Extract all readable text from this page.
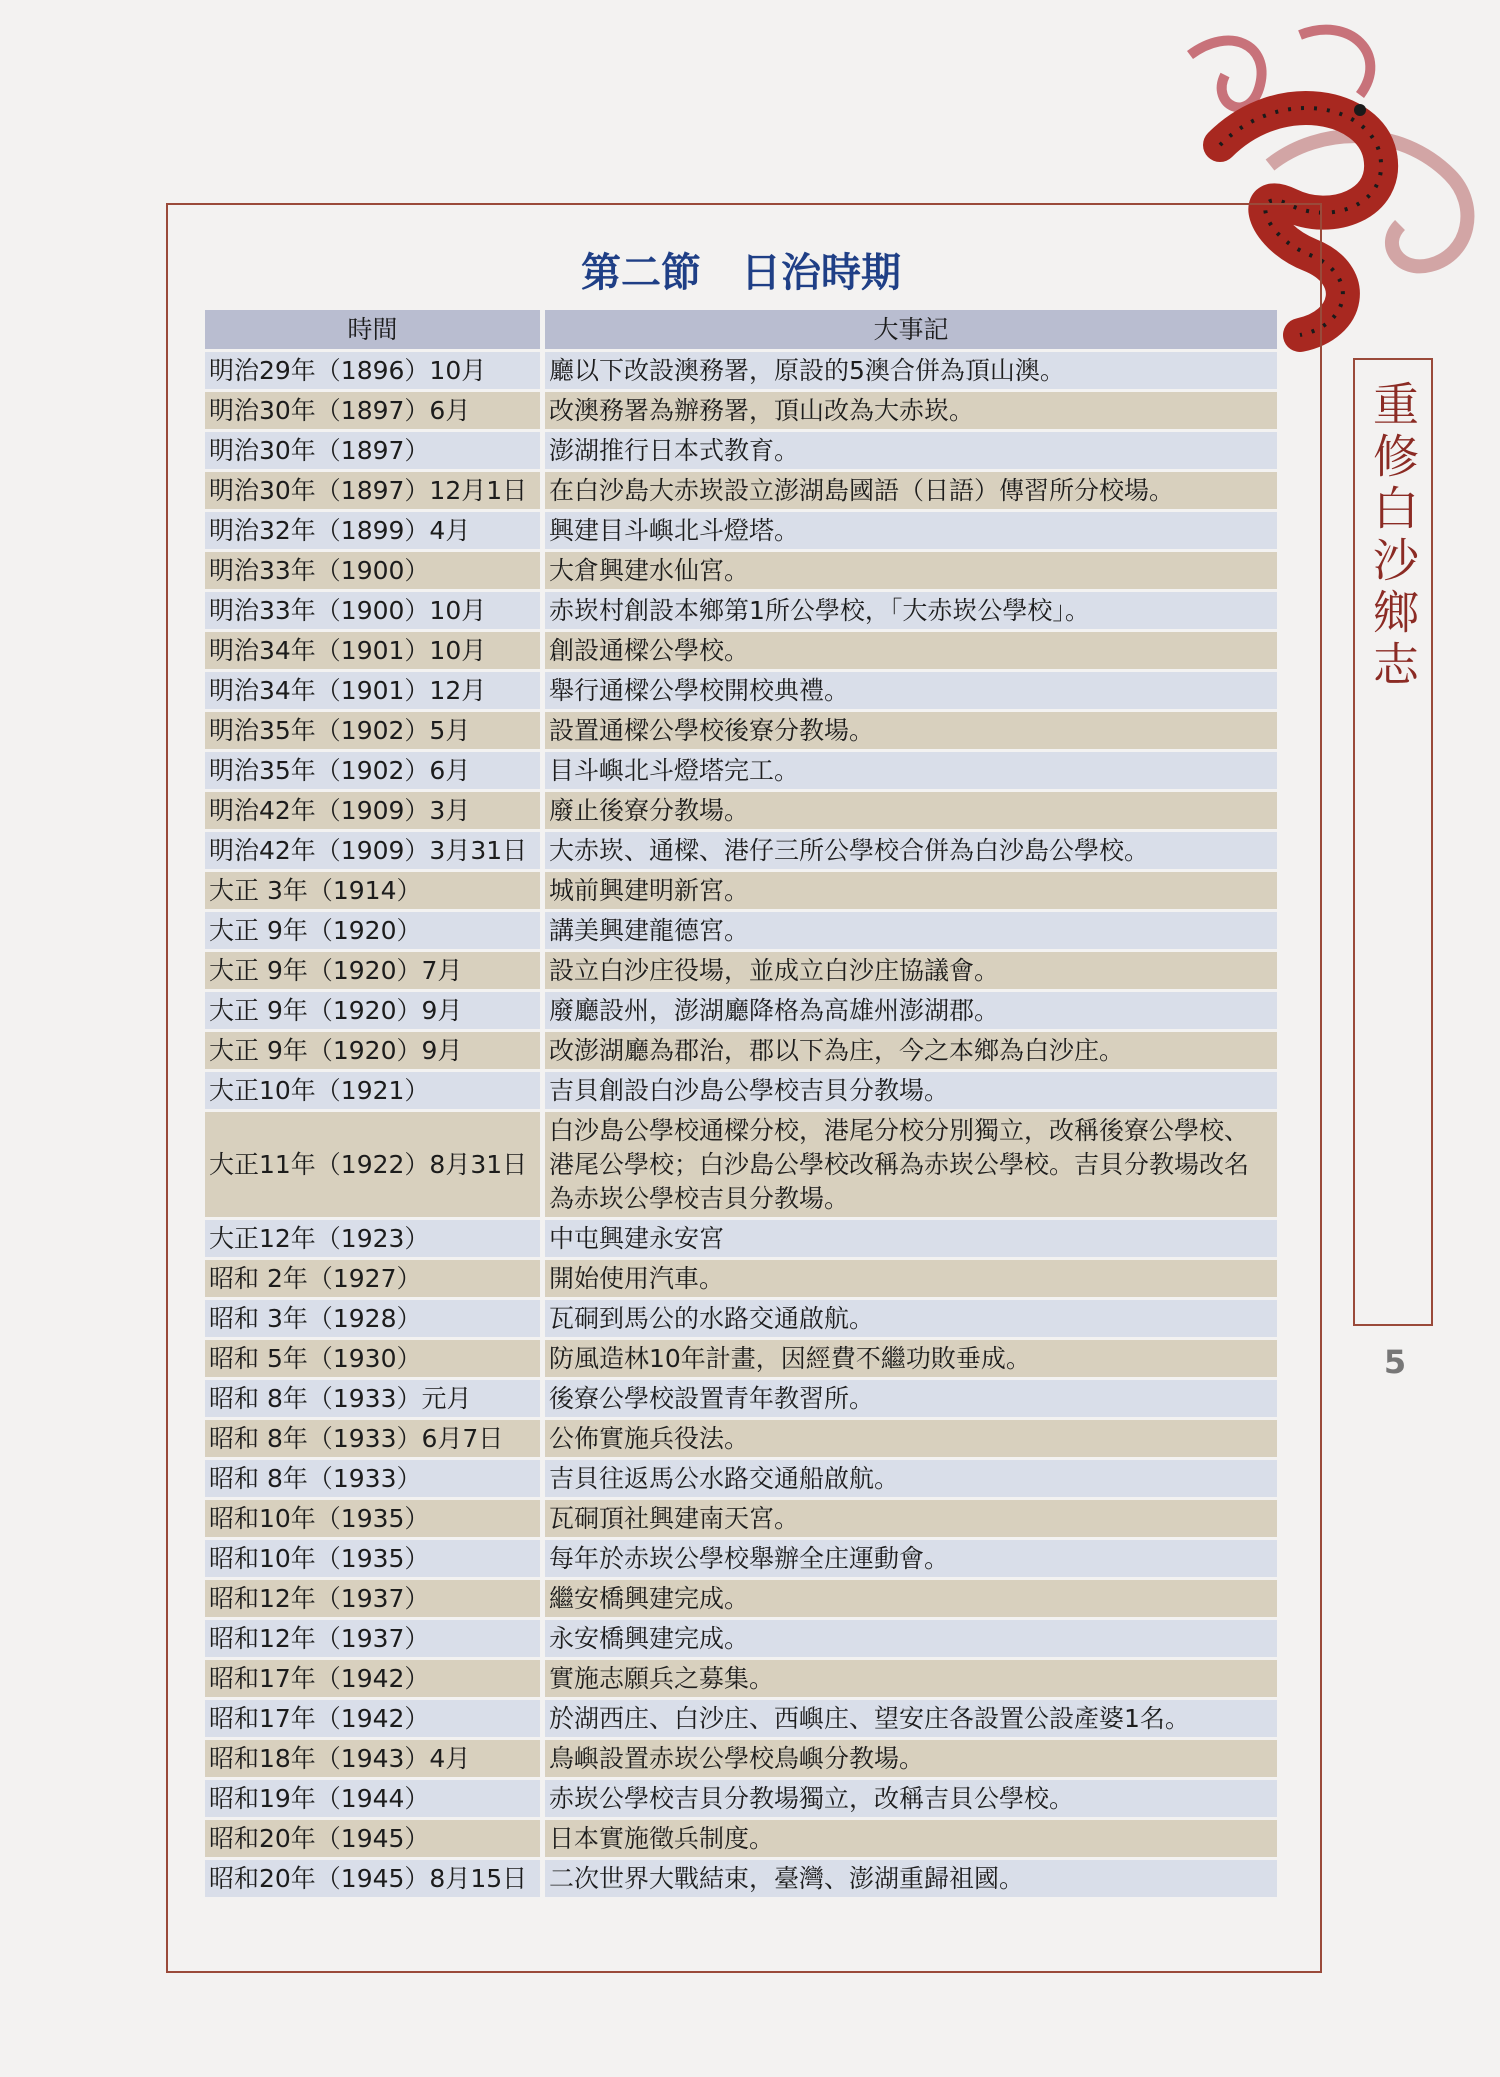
第二節　日治時期
時間	大事記
明治29年（1896）10月	廳以下改設澳務署，原設的5澳合併為頂山澳。
明治30年（1897）6月	改澳務署為辦務署，頂山改為大赤崁。
明治30年（1897）	澎湖推行日本式教育。
明治30年（1897）12月1日	在白沙島大赤崁設立澎湖島國語（日語）傳習所分校場。
明治32年（1899）4月	興建目斗嶼北斗燈塔。
明治33年（1900）	大倉興建水仙宮。
明治33年（1900）10月	赤崁村創設本鄉第1所公學校，「大赤崁公學校」。
明治34年（1901）10月	創設通樑公學校。
明治34年（1901）12月	舉行通樑公學校開校典禮。
明治35年（1902）5月	設置通樑公學校後寮分教場。
明治35年（1902）6月	目斗嶼北斗燈塔完工。
明治42年（1909）3月	廢止後寮分教場。
明治42年（1909）3月31日	大赤崁、通樑、港仔三所公學校合併為白沙島公學校。
大正 3年（1914）	城前興建明新宮。
大正 9年（1920）	講美興建龍德宮。
大正 9年（1920）7月	設立白沙庄役場，並成立白沙庄協議會。
大正 9年（1920）9月	廢廳設州，澎湖廳降格為高雄州澎湖郡。
大正 9年（1920）9月	改澎湖廳為郡治，郡以下為庄，今之本鄉為白沙庄。
大正10年（1921）	吉貝創設白沙島公學校吉貝分教場。
大正11年（1922）8月31日	白沙島公學校通樑分校，港尾分校分別獨立，改稱後寮公學校、港尾公學校；白沙島公學校改稱為赤崁公學校。吉貝分教場改名為赤崁公學校吉貝分教場。
大正12年（1923）	中屯興建永安宮
昭和 2年（1927）	開始使用汽車。
昭和 3年（1928）	瓦硐到馬公的水路交通啟航。
昭和 5年（1930）	防風造林10年計畫，因經費不繼功敗垂成。
昭和 8年（1933）元月	後寮公學校設置青年教習所。
昭和 8年（1933）6月7日	公佈實施兵役法。
昭和 8年（1933）	吉貝往返馬公水路交通船啟航。
昭和10年（1935）	瓦硐頂社興建南天宮。
昭和10年（1935）	每年於赤崁公學校舉辦全庄運動會。
昭和12年（1937）	繼安橋興建完成。
昭和12年（1937）	永安橋興建完成。
昭和17年（1942）	實施志願兵之募集。
昭和17年（1942）	於湖西庄、白沙庄、西嶼庄、望安庄各設置公設產婆1名。
昭和18年（1943）4月	鳥嶼設置赤崁公學校鳥嶼分教場。
昭和19年（1944）	赤崁公學校吉貝分教場獨立，改稱吉貝公學校。
昭和20年（1945）	日本實施徵兵制度。
昭和20年（1945）8月15日	二次世界大戰結束，臺灣、澎湖重歸祖國。
重修白沙鄉志
5
